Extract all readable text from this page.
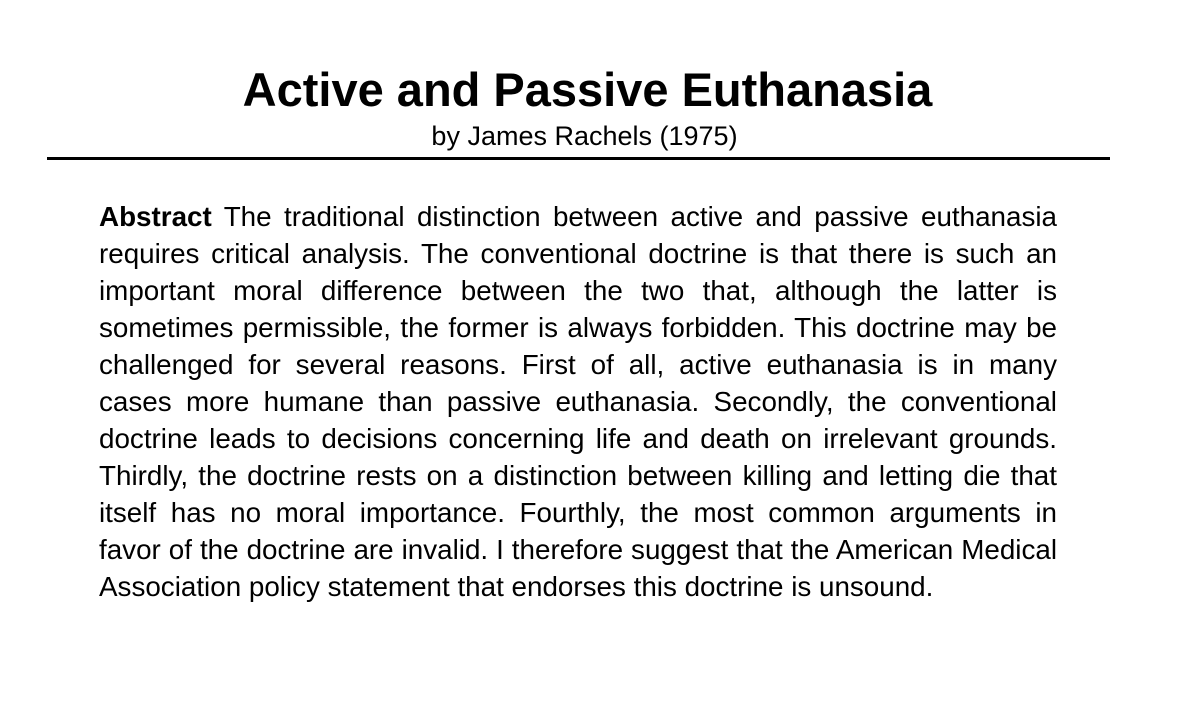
Active and Passive Euthanasia
by James Rachels (1975)

Abstract The traditional distinction between active and passive euthanasia requires critical analysis. The conventional doctrine is that there is such an important moral difference between the two that, although the latter is sometimes permissible, the former is always forbidden. This doctrine may be challenged for several reasons. First of all, active euthanasia is in many cases more humane than passive euthanasia. Secondly, the conventional doctrine leads to decisions concerning life and death on irrelevant grounds. Thirdly, the doctrine rests on a distinction between killing and letting die that itself has no moral importance. Fourthly, the most common arguments in favor of the doctrine are invalid. I therefore suggest that the American Medical Association policy statement that endorses this doctrine is unsound.
